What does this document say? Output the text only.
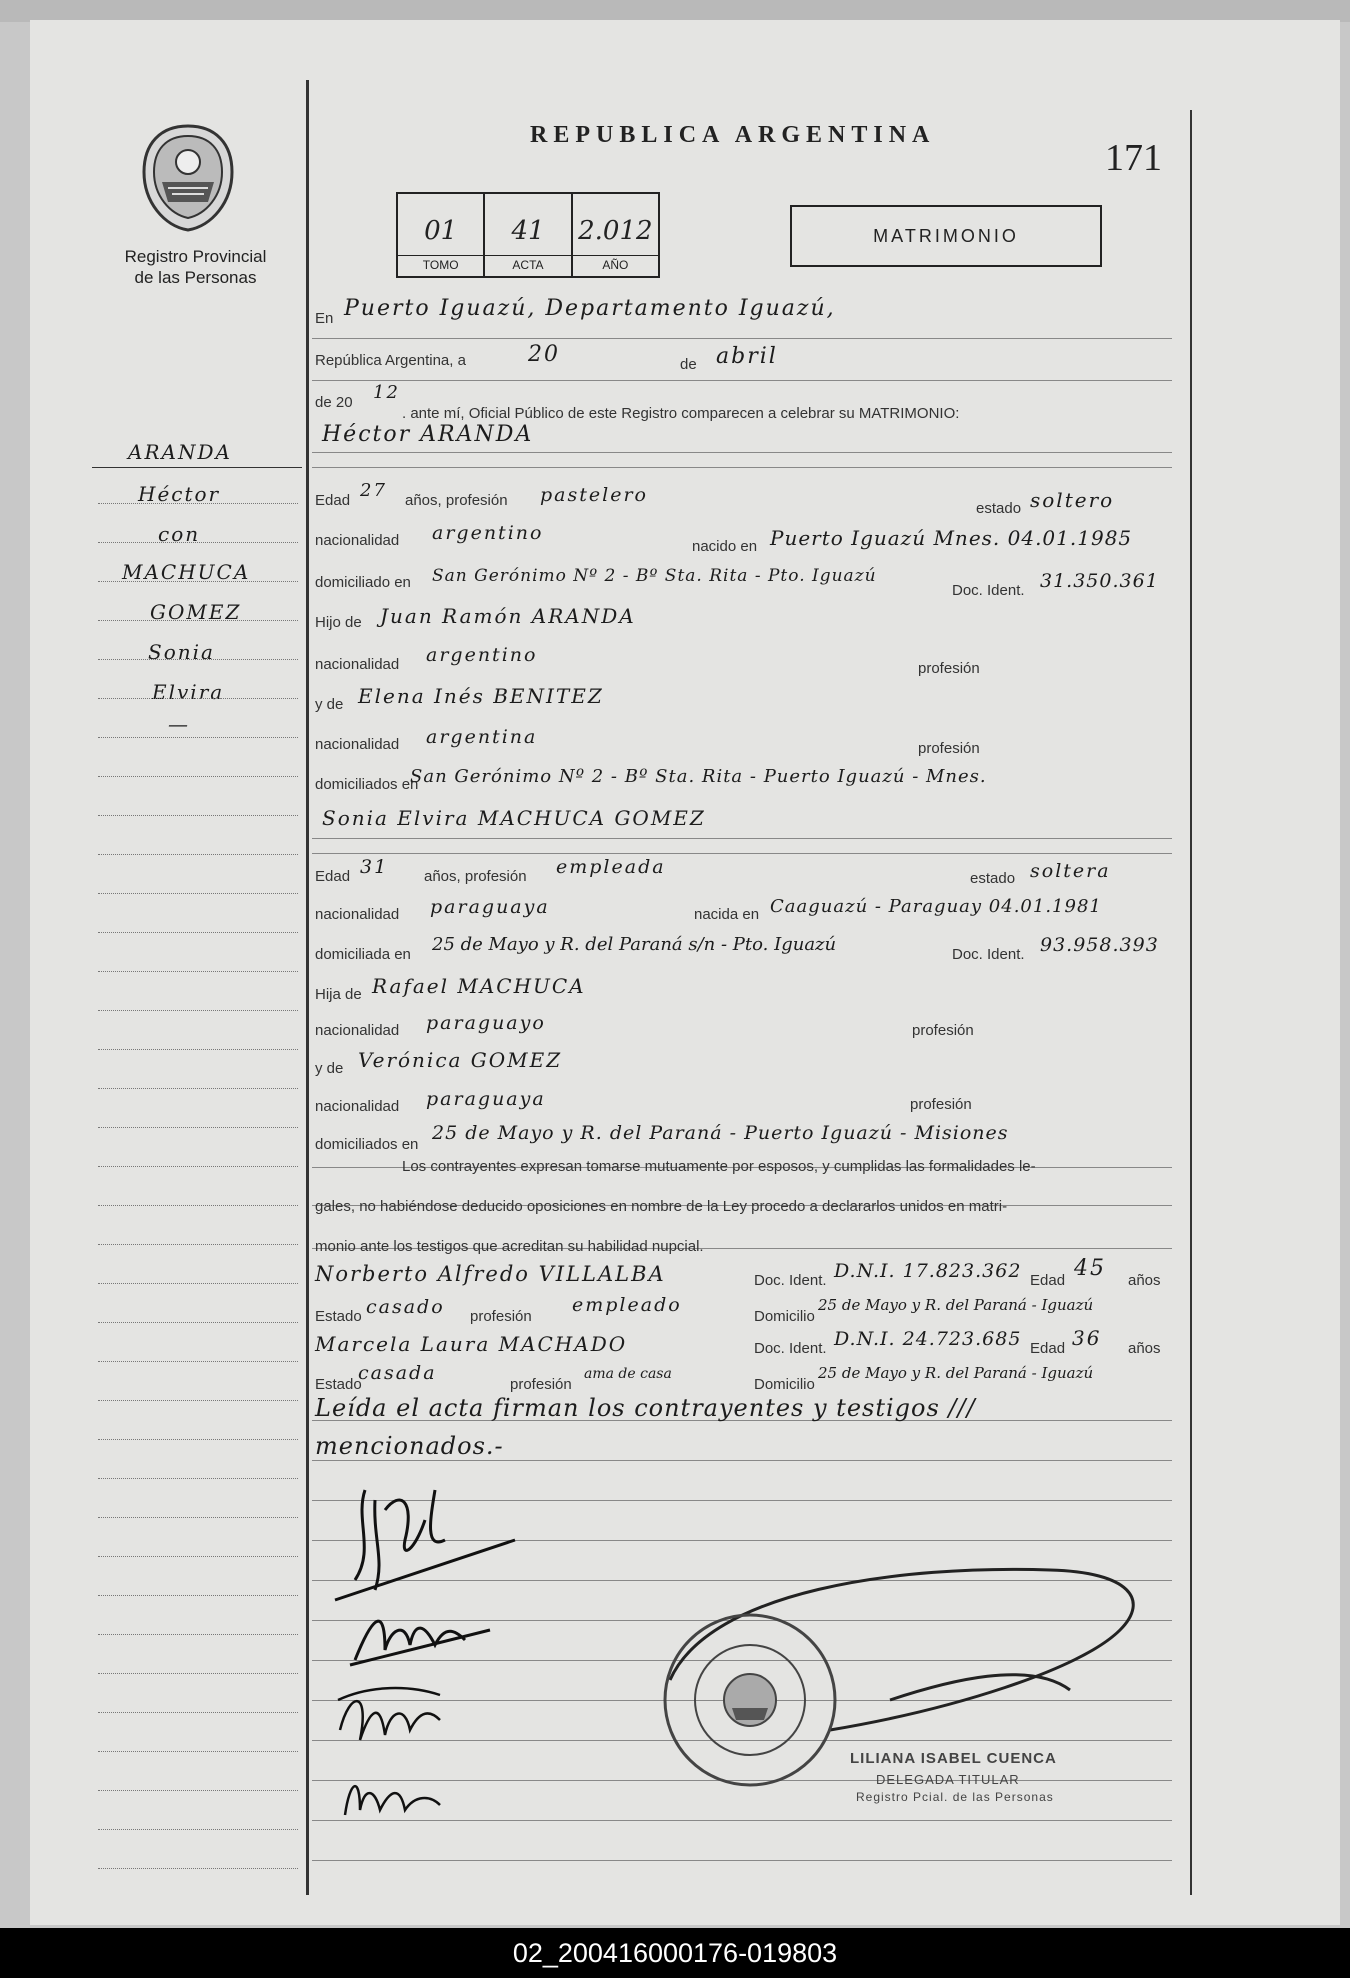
Registro Provincial
de las Personas
REPUBLICA ARGENTINA
171
01
TOMO
41
ACTA
2.012
AÑO
MATRIMONIO
ARANDA
Héctor
con
MACHUCA
GOMEZ
Sonia
Elvira
—
En Puerto Iguazú, Departamento Iguazú,
República Argentina, a	20	de abril
de 20 12
. ante mí, Oficial Público de este Registro comparecen a celebrar su MATRIMONIO:
Héctor ARANDA
Edad 27 años, profesión pastelero
estado soltero
nacionalidad argentino
nacido en Puerto Iguazú Mnes. 04.01.1985
domiciliado en San Gerónimo Nº 2 - Bº Sta. Rita - Pto. Iguazú
Doc. Ident. 31.350.361
Hijo de Juan Ramón ARANDA
nacionalidad argentino
profesión
y de Elena Inés BENITEZ
nacionalidad argentina
profesión
domiciliados en
San Gerónimo Nº 2 - Bº Sta. Rita - Puerto Iguazú - Mnes.
Sonia Elvira MACHUCA GOMEZ
Edad 31 años, profesión empleada
estado soltera
nacionalidad paraguaya	nacida en Caaguazú - Paraguay 04.01.1981
domiciliada en 25 de Mayo y R. del Paraná s/n - Pto. Iguazú	Doc. Ident. 93.958.393
Hija de Rafael MACHUCA
nacionalidad paraguayo	profesión
y de Verónica GOMEZ
nacionalidad paraguaya	profesión
domiciliados en
25 de Mayo y R. del Paraná - Puerto Iguazú - Misiones
Los contrayentes expresan tomarse mutuamente por esposos, y cumplidas las formalidades le-
gales, no habiéndose deducido oposiciones en nombre de la Ley procedo a declararlos unidos en matri-
monio ante los testigos que acreditan su habilidad nupcial.
Norberto Alfredo VILLALBA	Doc. Ident. D.N.I. 17.823.362 Edad 45 años
Estado casado profesión
empleado
Domicilio
25 de Mayo y R. del Paraná - Iguazú
Marcela Laura MACHADO	Doc. Ident. D.N.I. 24.723.685 Edad 36 años
Estado
casada
profesión
ama de casa
Domicilio
25 de Mayo y R. del Paraná - Iguazú
Leída el acta firman los contrayentes y testigos ///
mencionados.-
LILIANA ISABEL CUENCA
DELEGADA TITULAR
Registro Pcial. de las Personas
02_200416000176-019803
